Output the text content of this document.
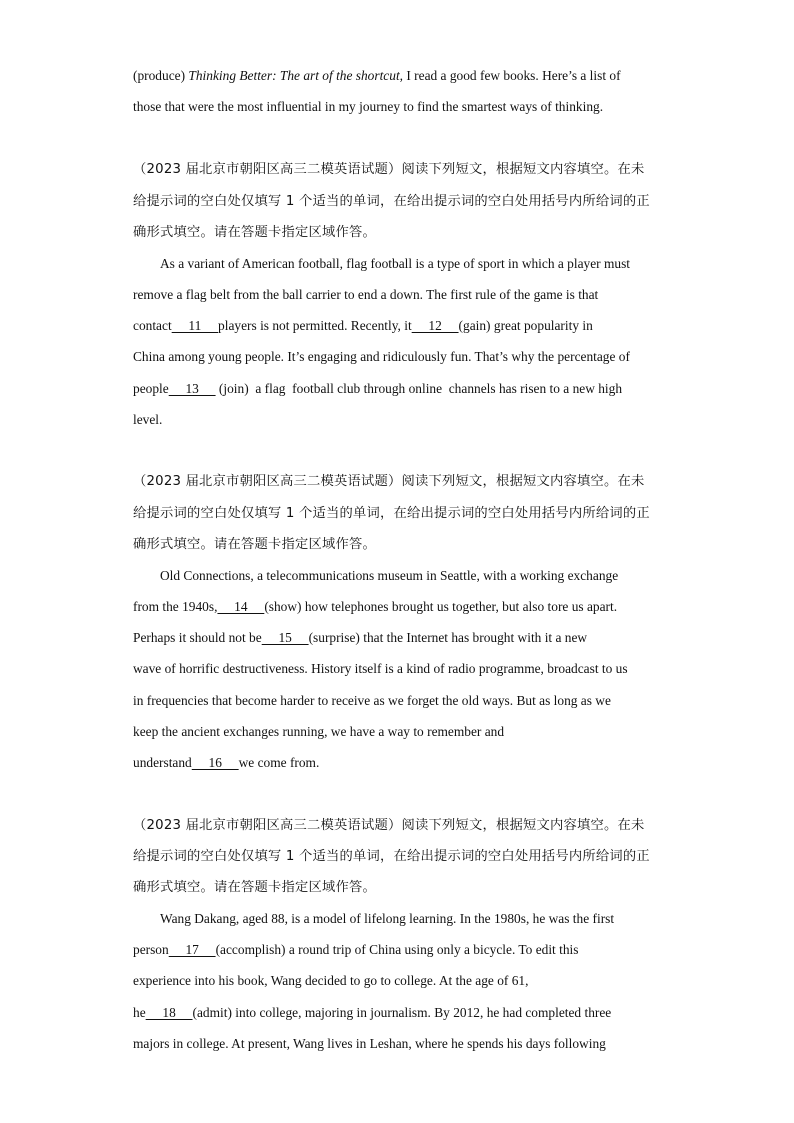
(produce) Thinking Better: The art of the shortcut, I read a good few books. Here’s a list of
those that were the most influential in my journey to find the smartest ways of thinking.
（2023 届北京市朝阳区高三二模英语试题）阅读下列短文，根据短文内容填空。在未
给提示词的空白处仅填写 1 个适当的单词，在给出提示词的空白处用括号内所给词的正
确形式填空。请在答题卡指定区域作答。
As a variant of American football, flag football is a type of sport in which a player must
remove a flag belt from the ball carrier to end a down. The first rule of the game is that
contact     11     players is not permitted. Recently, it     12     (gain) great popularity in
China among young people. It’s engaging and ridiculously fun. That’s why the percentage of
people     13      (join)  a flag  football club through online  channels has risen to a new high
level.
（2023 届北京市朝阳区高三二模英语试题）阅读下列短文，根据短文内容填空。在未
给提示词的空白处仅填写 1 个适当的单词，在给出提示词的空白处用括号内所给词的正
确形式填空。请在答题卡指定区域作答。
Old Connections, a telecommunications museum in Seattle, with a working exchange
from the 1940s,     14     (show) how telephones brought us together, but also tore us apart.
Perhaps it should not be     15     (surprise) that the Internet has brought with it a new
wave of horrific destructiveness. History itself is a kind of radio programme, broadcast to us
in frequencies that become harder to receive as we forget the old ways. But as long as we
keep the ancient exchanges running, we have a way to remember and
understand     16     we come from.
（2023 届北京市朝阳区高三二模英语试题）阅读下列短文，根据短文内容填空。在未
给提示词的空白处仅填写 1 个适当的单词，在给出提示词的空白处用括号内所给词的正
确形式填空。请在答题卡指定区域作答。
Wang Dakang, aged 88, is a model of lifelong learning. In the 1980s, he was the first
person     17     (accomplish) a round trip of China using only a bicycle. To edit this
experience into his book, Wang decided to go to college. At the age of 61,
he     18     (admit) into college, majoring in journalism. By 2012, he had completed three
majors in college. At present, Wang lives in Leshan, where he spends his days following
